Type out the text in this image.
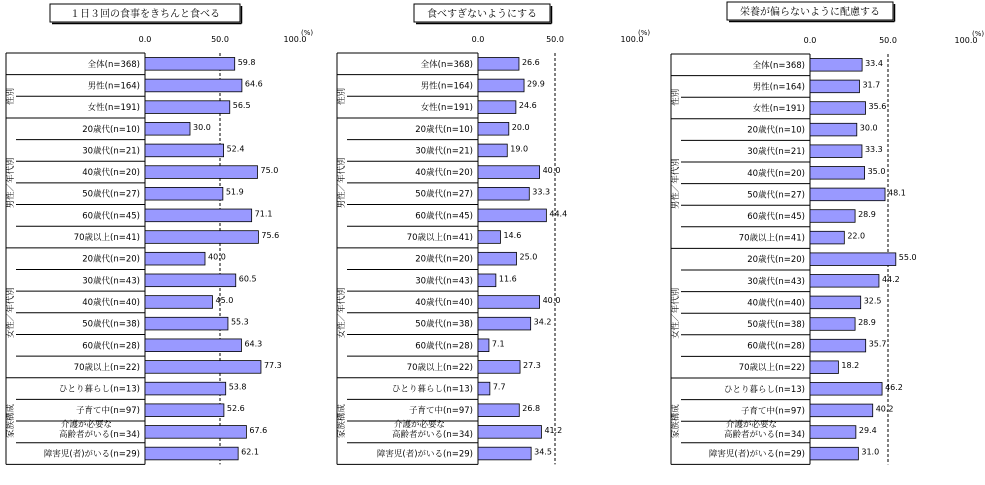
１日３回の食事をきちんと食べる
0.0	50.0	100.0
(%)
性別
男性／年代別
女性／年代別
家族構成
全体(n=368)	59.8
男性(n=164)	64.6
女性(n=191)	56.5
20歳代(n=10)	30.0
30歳代(n=21)	52.4
40歳代(n=20)	75.0
50歳代(n=27)	51.9
60歳代(n=45)	71.1
70歳以上(n=41)	75.6
20歳代(n=20)	40.0
30歳代(n=43)	60.5
40歳代(n=40)	45.0
50歳代(n=38)	55.3
60歳代(n=28)	64.3
70歳以上(n=22)	77.3
ひとり暮らし(n=13)	53.8
子育て中(n=97)	52.6
介護が必要な高齢者がいる(n=34)	67.6
障害児(者)がいる(n=29)	62.1
食べすぎないようにする
0.0	50.0	100.0
(%)
性別
男性／年代別
女性／年代別
家族構成
全体(n=368)	26.6
男性(n=164)	29.9
女性(n=191)	24.6
20歳代(n=10)	20.0
30歳代(n=21)	19.0
40歳代(n=20)	40.0
50歳代(n=27)	33.3
60歳代(n=45)	44.4
70歳以上(n=41)	14.6
20歳代(n=20)	25.0
30歳代(n=43)	11.6
40歳代(n=40)	40.0
50歳代(n=38)	34.2
60歳代(n=28) 7.1
70歳以上(n=22)	27.3
ひとり暮らし(n=13) 7.7
子育て中(n=97)	26.8
介護が必要な高齢者がいる(n=34)	41.2
障害児(者)がいる(n=29)	34.5
栄養が偏らないように配慮する
0.0	50.0	100.0
(%)
性別
男性／年代別
女性／年代別
家族構成
全体(n=368)	33.4
男性(n=164)	31.7
女性(n=191)	35.6
20歳代(n=10)	30.0
30歳代(n=21)	33.3
40歳代(n=20)	35.0
50歳代(n=27)	48.1
60歳代(n=45)	28.9
70歳以上(n=41)	22.0
20歳代(n=20)	55.0
30歳代(n=43)	44.2
40歳代(n=40)	32.5
50歳代(n=38)	28.9
60歳代(n=28)	35.7
70歳以上(n=22)	18.2
ひとり暮らし(n=13)	46.2
子育て中(n=97)	40.2
介護が必要な高齢者がいる(n=34)	29.4
障害児(者)がいる(n=29)	31.0
